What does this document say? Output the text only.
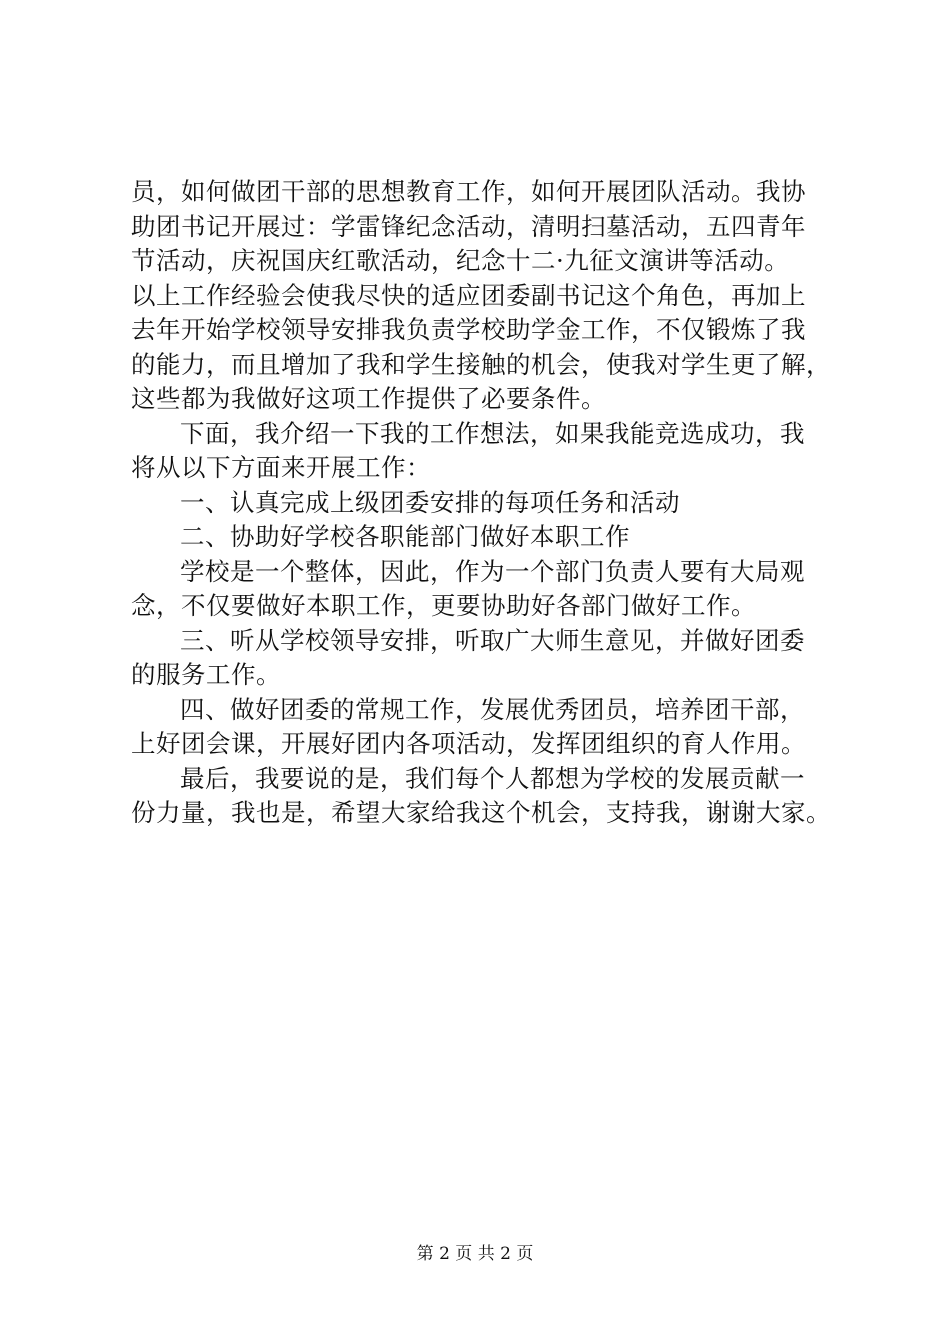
员，如何做团干部的思想教育工作，如何开展团队活动。我协
助团书记开展过：学雷锋纪念活动，清明扫墓活动，五四青年
节活动，庆祝国庆红歌活动，纪念十二·九征文演讲等活动。
以上工作经验会使我尽快的适应团委副书记这个角色，再加上
去年开始学校领导安排我负责学校助学金工作，不仅锻炼了我
的能力，而且增加了我和学生接触的机会，使我对学生更了解，
这些都为我做好这项工作提供了必要条件。
下面，我介绍一下我的工作想法，如果我能竞选成功，我
将从以下方面来开展工作：
一、认真完成上级团委安排的每项任务和活动
二、协助好学校各职能部门做好本职工作
学校是一个整体，因此，作为一个部门负责人要有大局观
念，不仅要做好本职工作，更要协助好各部门做好工作。
三、听从学校领导安排，听取广大师生意见，并做好团委
的服务工作。
四、做好团委的常规工作，发展优秀团员，培养团干部，
上好团会课，开展好团内各项活动，发挥团组织的育人作用。
最后，我要说的是，我们每个人都想为学校的发展贡献一
份力量，我也是，希望大家给我这个机会，支持我，谢谢大家。
第 2 页 共 2 页
